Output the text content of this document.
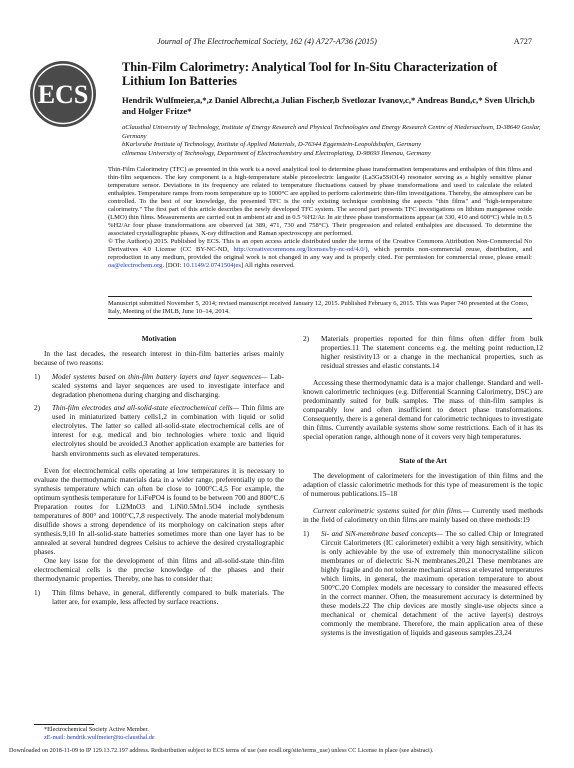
Journal of The Electrochemical Society, 162 (4) A727-A736 (2015)	A727
ECS
Thin-Film Calorimetry: Analytical Tool for In-Situ Characterization of Lithium Ion Batteries
Hendrik Wulfmeier,a,*,z Daniel Albrecht,a Julian Fischer,b Svetlozar Ivanov,c,* Andreas Bund,c,* Sven Ulrich,b and Holger Fritze*
aClausthal University of Technology, Institute of Energy Research and Physical Technologies and Energy Research Centre of Niedersachsen, D-38640 Goslar, Germany
bKarlsruhe Institute of Technology, Institute of Applied Materials, D-76344 Eggenstein-Leopoldshafen, Germany
cIlmenau University of Technology, Department of Electrochemistry and Electroplating, D-98693 Ilmenau, Germany
Thin-Film Calorimetry (TFC) as presented in this work is a novel analytical tool to determine phase transformation temperatures and enthalpies of thin films and thin-film sequences. The key component is a high-temperature stable piezoelectric langasite (La3Ga5SiO14) resonator serving as a highly sensitive planar temperature sensor. Deviations in its frequency are related to temperature fluctuations caused by phase transformations and used to calculate the related enthalpies. Temperature ramps from room temperature up to 1000°C are applied to perform calorimetric thin-film investigations. Thereby, the atmosphere can be controlled. To the best of our knowledge, the presented TFC is the only existing technique combining the aspects "thin films" and "high-temperature calorimetry." The first part of this article describes the newly developed TFC system. The second part presents TFC investigations on lithium manganese oxide (LMO) thin films. Measurements are carried out in ambient air and in 0.5 %H2/Ar. In air three phase transformations appear (at 330, 410 and 600°C) while in 0.5 %H2/Ar four phase transformations are observed (at 389, 471, 730 and 758°C). Their progression and related enthalpies are discussed. To determine the associated crystallographic phases, X-ray diffraction and Raman spectroscopy are performed.
© The Author(s) 2015. Published by ECS. This is an open access article distributed under the terms of the Creative Commons Attribution Non-Commercial No Derivatives 4.0 License (CC BY-NC-ND, http://creativecommons.org/licenses/by-nc-nd/4.0/), which permits non-commercial reuse, distribution, and reproduction in any medium, provided the original work is not changed in any way and is properly cited. For permission for commercial reuse, please email: oa@electrochem.org. [DOI: 10.1149/2.0741504jes] All rights reserved.
Manuscript submitted November 5, 2014; revised manuscript received January 12, 2015. Published February 6, 2015. This was Paper 740 presented at the Como, Italy, Meeting of the IMLB, June 10–14, 2014.
Motivation

In the last decades, the research interest in thin-film batteries arises mainly because of two reasons:

1)	Model systems based on thin-film battery layers and layer sequences— Lab-scaled systems and layer sequences are used to investigate interface and degradation phenomena during charging and discharging.
2)	Thin-film electrodes and all-solid-state electrochemical cells— Thin films are used in miniaturized battery cells1,2 in combination with liquid or solid electrolytes. The latter so called all-solid-state electrochemical cells are of interest for e.g. medical and bio technologies where toxic and liquid electrolytes should be avoided.3 Another application example are batteries for harsh environments such as elevated temperatures.

Even for electrochemical cells operating at low temperatures it is necessary to evaluate the thermodynamic materials data in a wider range, preferentially up to the synthesis temperature which can often be close to 1000°C.4,5 For example, the optimum synthesis temperature for LiFePO4 is found to be between 700 and 800°C.6 Preparation routes for Li2MnO3 and LiNi0.5Mn1.5O4 include synthesis temperatures of 800° and 1000°C,7,8 respectively. The anode material molybdenum disulfide shows a strong dependence of its morphology on calcination steps after synthesis.9,10 In all-solid-state batteries sometimes more than one layer has to be annealed at several hundred degrees Celsius to achieve the desired crystallographic phases.

One key issue for the development of thin films and all-solid-state thin-film electrochemical cells is the precise knowledge of the phases and their thermodynamic properties. Thereby, one has to consider that:

1)	Thin films behave, in general, differently compared to bulk materials. The latter are, for example, less affected by surface reactions.
2)	Materials properties reported for thin films often differ from bulk properties.11 The statement concerns e.g. the melting point reduction,12 higher resistivity13 or a change in the mechanical properties, such as residual stresses and elastic constants.14

Accessing these thermodynamic data is a major challenge. Standard and well-known calorimetric techniques (e.g. Differential Scanning Calorimetry, DSC) are predominantly suited for bulk samples. The mass of thin-film samples is comparably low and often insufficient to detect phase transformations. Consequently, there is a general demand for calorimetric techniques to investigate thin films. Currently available systems show some restrictions. Each of it has its special operation range, although none of it covers very high temperatures.

State of the Art

The development of calorimeters for the investigation of thin films and the adaption of classic calorimetric methods for this type of measurement is the topic of numerous publications.15–18

Current calorimetric systems suited for thin films.— Currently used methods in the field of calorimetry on thin films are mainly based on three methods:19

1)	Si- and SiN-membrane based concepts— The so called Chip or Integrated Circuit Calorimeters (IC calorimeter) exhibit a very high sensitivity, which is only achievable by the use of extremely thin monocrystalline silicon membranes or of dielectric Si-N membranes.20,21 These membranes are highly fragile and do not tolerate mechanical stress at elevated temperatures which limits, in general, the maximum operation temperature to about 500°C.20 Complex models are necessary to consider the measured effects in the correct manner. Often, the measurement accuracy is determined by these models.22 The chip devices are mostly single-use objects since a mechanical or chemical detachment of the active layer(s) destroys commonly the membrane. Therefore, the main application area of these systems is the investigation of liquids and gaseous samples.23,24
*Electrochemical Society Active Member.
zE-mail: hendrik.wulfmeier@tu-clausthal.de
Downloaded on 2018-11-09 to IP 129.13.72.197 address. Redistribution subject to ECS terms of use (see ecsdl.org/site/terms_use) unless CC License in place (see abstract).
